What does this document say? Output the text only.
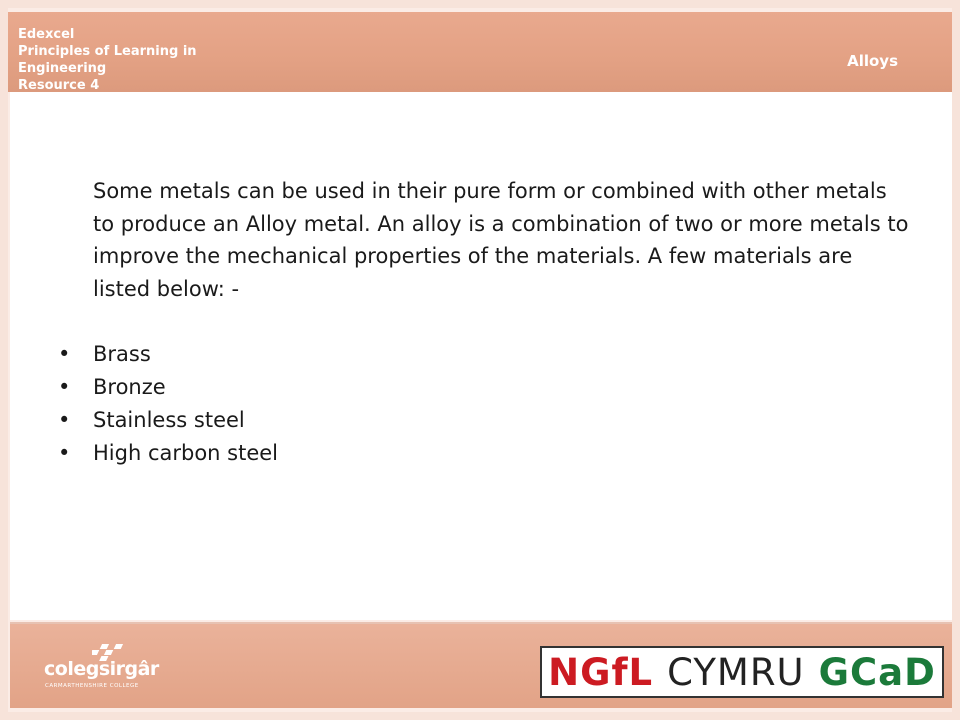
Edexcel
Principles of Learning in
Engineering
Resource 4
Alloys

Some metals can be used in their pure form or combined with other metals to produce an Alloy metal. An alloy is a combination of two or more metals to improve the mechanical properties of the materials. A few materials are listed below: -

• Brass
• Bronze
• Stainless steel
• High carbon steel
colegsirgâr
CARMARTHENSHIRE COLLEGE	NGfL CYMRU GCaD
